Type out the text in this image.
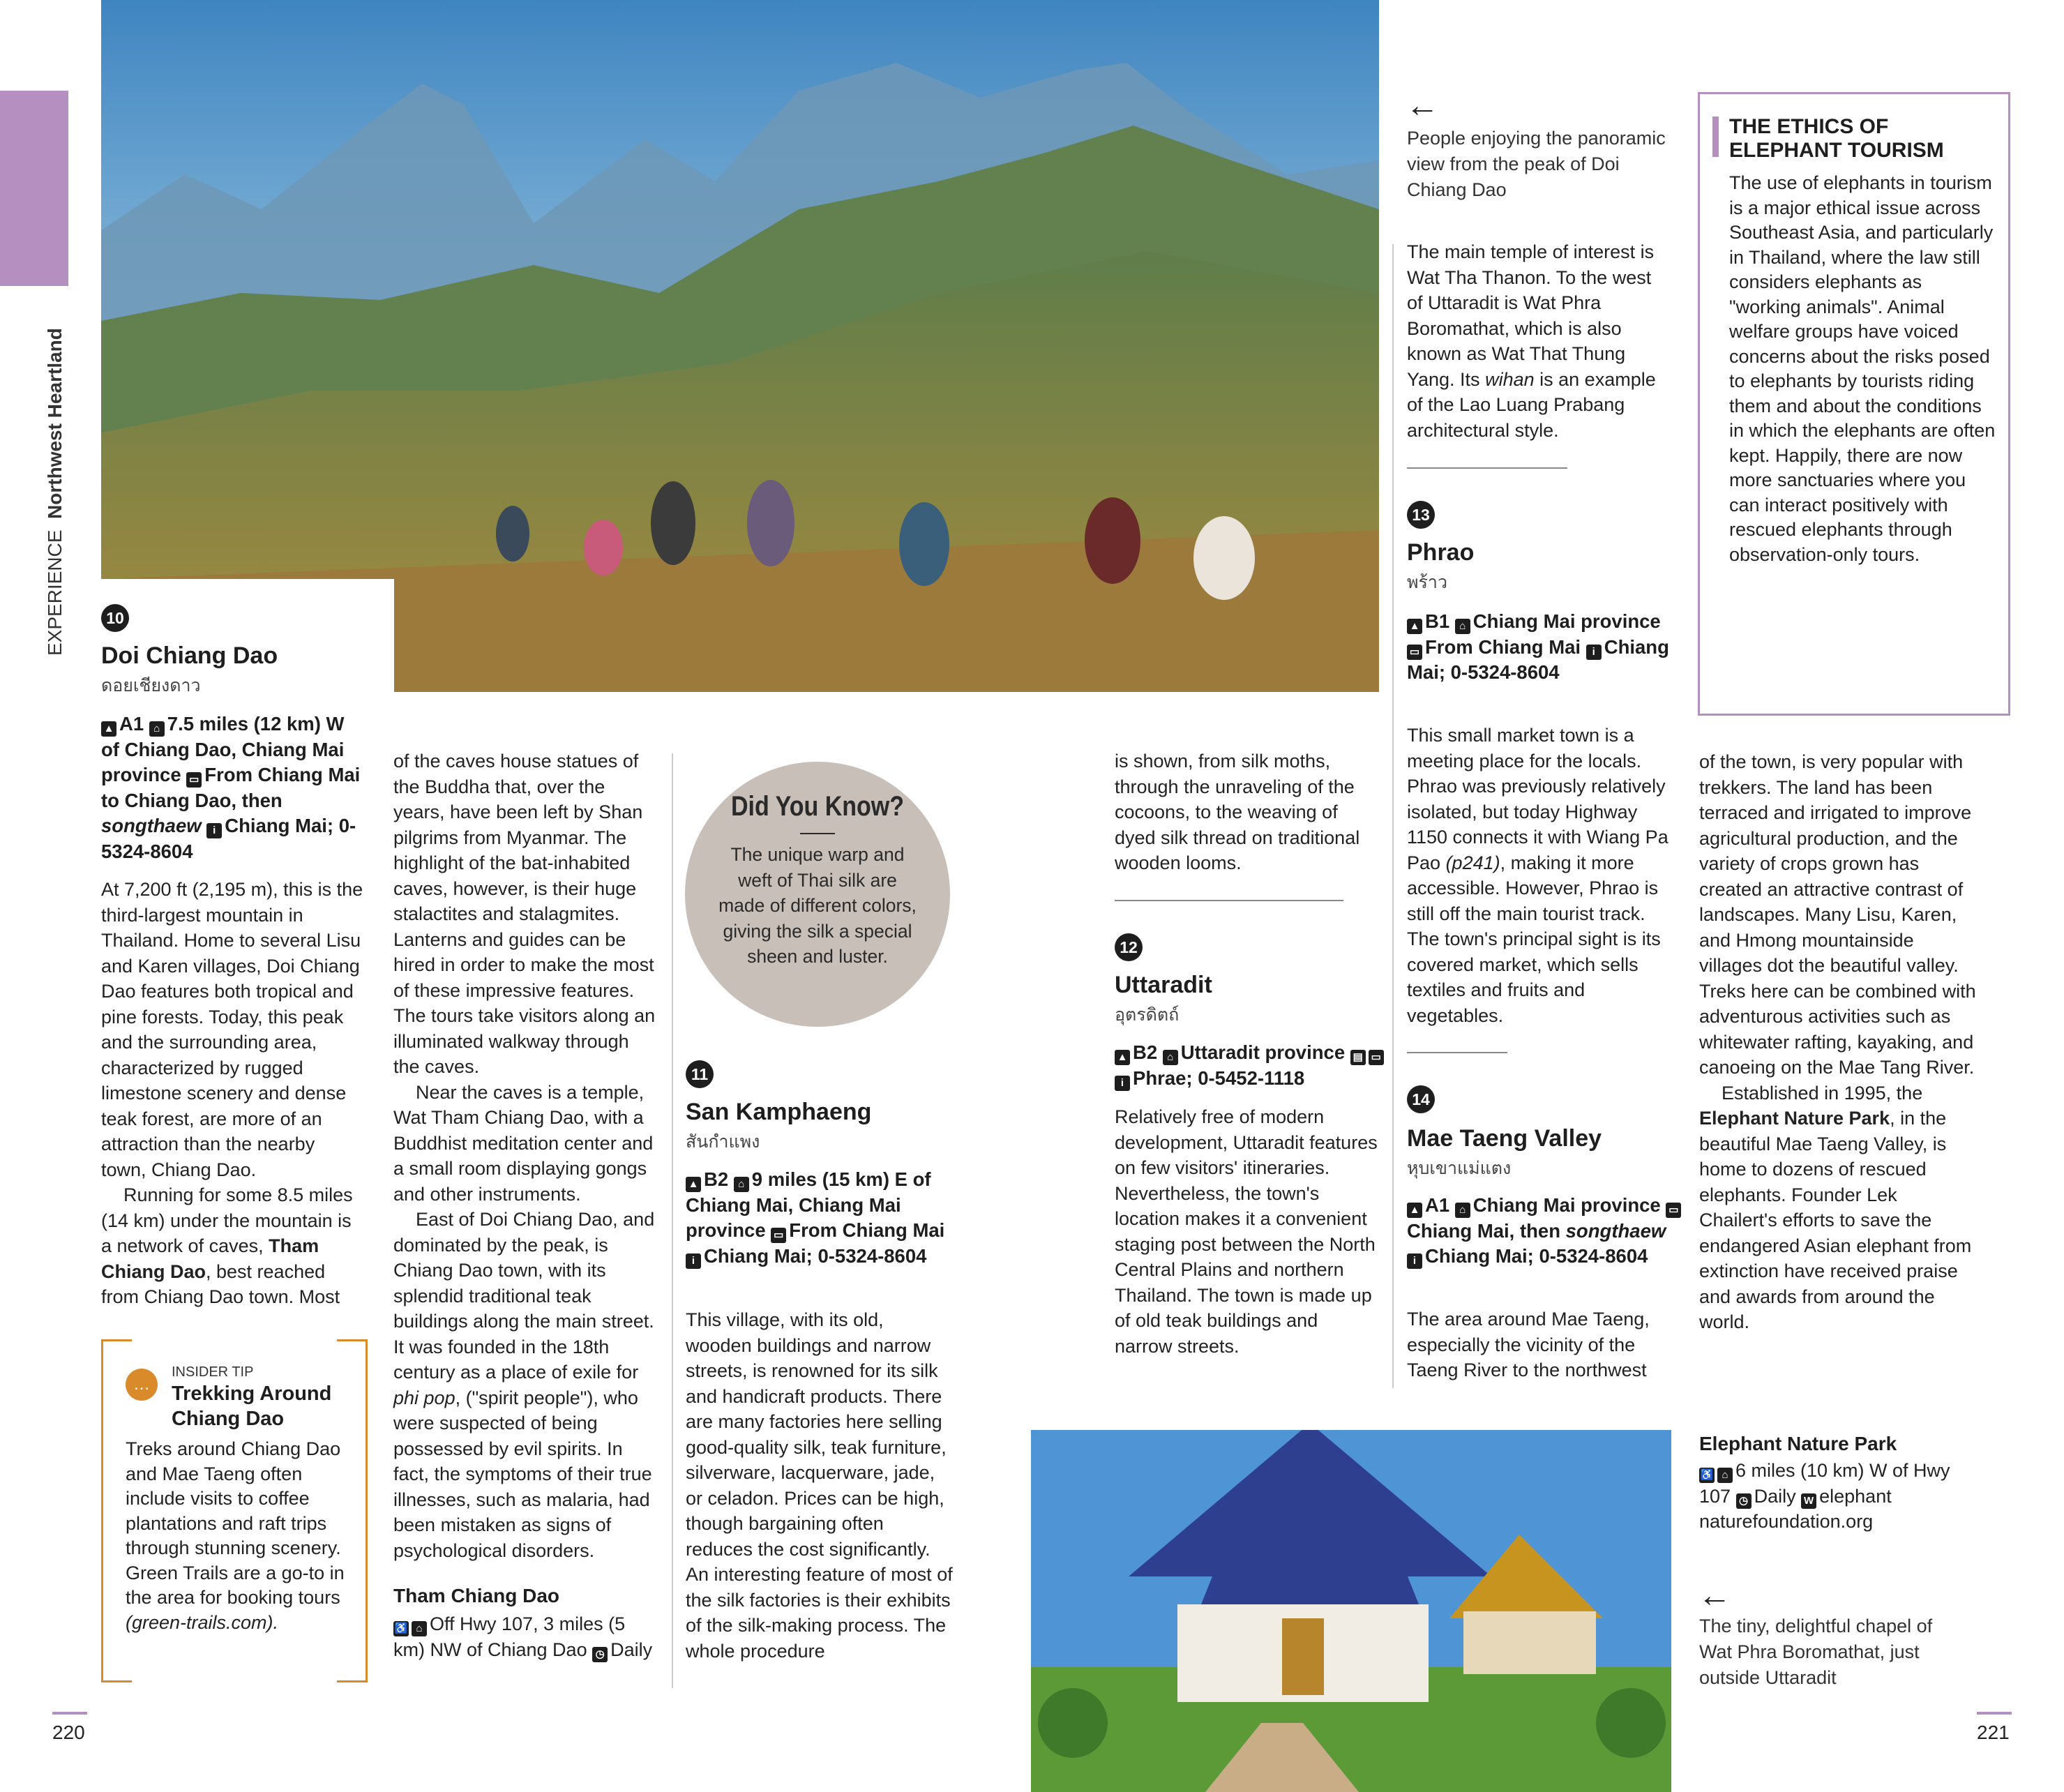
EXPERIENCE  Northwest Heartland
←
People enjoying the panoramic view from the peak of Doi Chiang Dao
The main temple of interest is Wat Tha Thanon. To the west of Uttaradit is Wat Phra Boromathat, which is also known as Wat That Thung Yang. Its wihan is an example of the Lao Luang Prabang architectural style.
13
Phrao
พร้าว
▲ B1 ⌂ Chiang Mai province ▭ From Chiang Mai i Chiang Mai; 0-5324-8604
This small market town is a meeting place for the locals. Phrao was previously relatively isolated, but today Highway 1150 connects it with Wiang Pa Pao (p241), making it more accessible. However, Phrao is still off the main tourist track. The town's principal sight is its covered market, which sells textiles and fruits and vegetables.
14
Mae Taeng Valley
หุบเขาแม่แตง
▲ A1 ⌂ Chiang Mai province ▭Chiang Mai, then songthaew i Chiang Mai; 0-5324-8604
The area around Mae Taeng, especially the vicinity of the Taeng River to the northwest
THE ETHICS OF ELEPHANT TOURISM
The use of elephants in tourism is a major ethical issue across Southeast Asia, and particularly in Thailand, where the law still considers elephants as "working animals". Animal welfare groups have voiced concerns about the risks posed to elephants by tourists riding them and about the conditions in which the elephants are often kept. Happily, there are now more sanctuaries where you can interact positively with rescued elephants through observation-only tours.

of the town, is very popular with trekkers. The land has been terraced and irrigated to improve agricultural production, and the variety of crops grown has created an attractive contrast of landscapes. Many Lisu, Karen, and Hmong mountainside villages dot the beautiful valley. Treks here can be combined with adventurous activities such as whitewater rafting, kayaking, and canoeing on the Mae Tang River.

Established in 1995, the Elephant Nature Park, in the beautiful Mae Taeng Valley, is home to dozens of rescued elephants. Founder Lek Chailert's efforts to save the endangered Asian elephant from extinction have received praise and awards from around the world.

Elephant Nature Park
♿ ⌂ 6 miles (10 km) W of Hwy 107 ◷ Daily W elephant naturefoundation.org
←
The tiny, delightful chapel of Wat Phra Boromathat, just outside Uttaradit
10
Doi Chiang Dao
ดอยเชียงดาว
▲ A1 ⌂ 7.5 miles (12 km) W of Chiang Dao, Chiang Mai province ▭ From Chiang Mai to Chiang Dao, then songthaew i Chiang Mai; 0-5324-8604

At 7,200 ft (2,195 m), this is the third-largest mountain in Thailand. Home to several Lisu and Karen villages, Doi Chiang Dao features both tropical and pine forests. Today, this peak and the surrounding area, characterized by rugged limestone scenery and dense teak forest, are more of an attraction than the nearby town, Chiang Dao.

Running for some 8.5 miles (14 km) under the mountain is a network of caves, Tham Chiang Dao, best reached from Chiang Dao town. Most

…
INSIDER TIP
Trekking Around Chiang Dao
Treks around Chiang Dao and Mae Taeng often include visits to coffee plantations and raft trips through stunning scenery. Green Trails are a go-to in the area for booking tours (green-trails.com).

of the caves house statues of the Buddha that, over the years, have been left by Shan pilgrims from Myanmar. The highlight of the bat-inhabited caves, however, is their huge stalactites and stalagmites. Lanterns and guides can be hired in order to make the most of these impressive features. The tours take visitors along an illuminated walkway through the caves.

Near the caves is a temple, Wat Tham Chiang Dao, with a Buddhist meditation center and a small room displaying gongs and other instruments.

East of Doi Chiang Dao, and dominated by the peak, is Chiang Dao town, with its splendid traditional teak buildings along the main street. It was founded in the 18th century as a place of exile for phi pop, ("spirit people"), who were suspected of being possessed by evil spirits. In fact, the symptoms of their true illnesses, such as malaria, had been mistaken as signs of psychological disorders.

Tham Chiang Dao
♿ ⌂ Off Hwy 107, 3 miles (5 km) NW of Chiang Dao ◷ Daily
Did You Know?
The unique warp and weft of Thai silk are made of different colors, giving the silk a special sheen and luster.
11
San Kamphaeng
สันกำแพง
▲ B2 ⌂ 9 miles (15 km) E of Chiang Mai, Chiang Mai province ▭ From Chiang Mai i Chiang Mai; 0-5324-8604
This village, with its old, wooden buildings and narrow streets, is renowned for its silk and handicraft products. There are many factories here selling good-quality silk, teak furniture, silverware, lacquerware, jade, or celadon. Prices can be high, though bargaining often reduces the cost significantly. An interesting feature of most of the silk factories is their exhibits of the silk-making process. The whole procedure
is shown, from silk moths, through the unraveling of the cocoons, to the weaving of dyed silk thread on traditional wooden looms.
12
Uttaradit
อุตรดิตถ์
▲ B2 ⌂ Uttaradit province ▤ ▭ i Phrae; 0-5452-1118
Relatively free of modern development, Uttaradit features on few visitors' itineraries. Nevertheless, the town's location makes it a convenient staging post between the North Central Plains and northern Thailand. The town is made up of old teak buildings and narrow streets.
220	221
